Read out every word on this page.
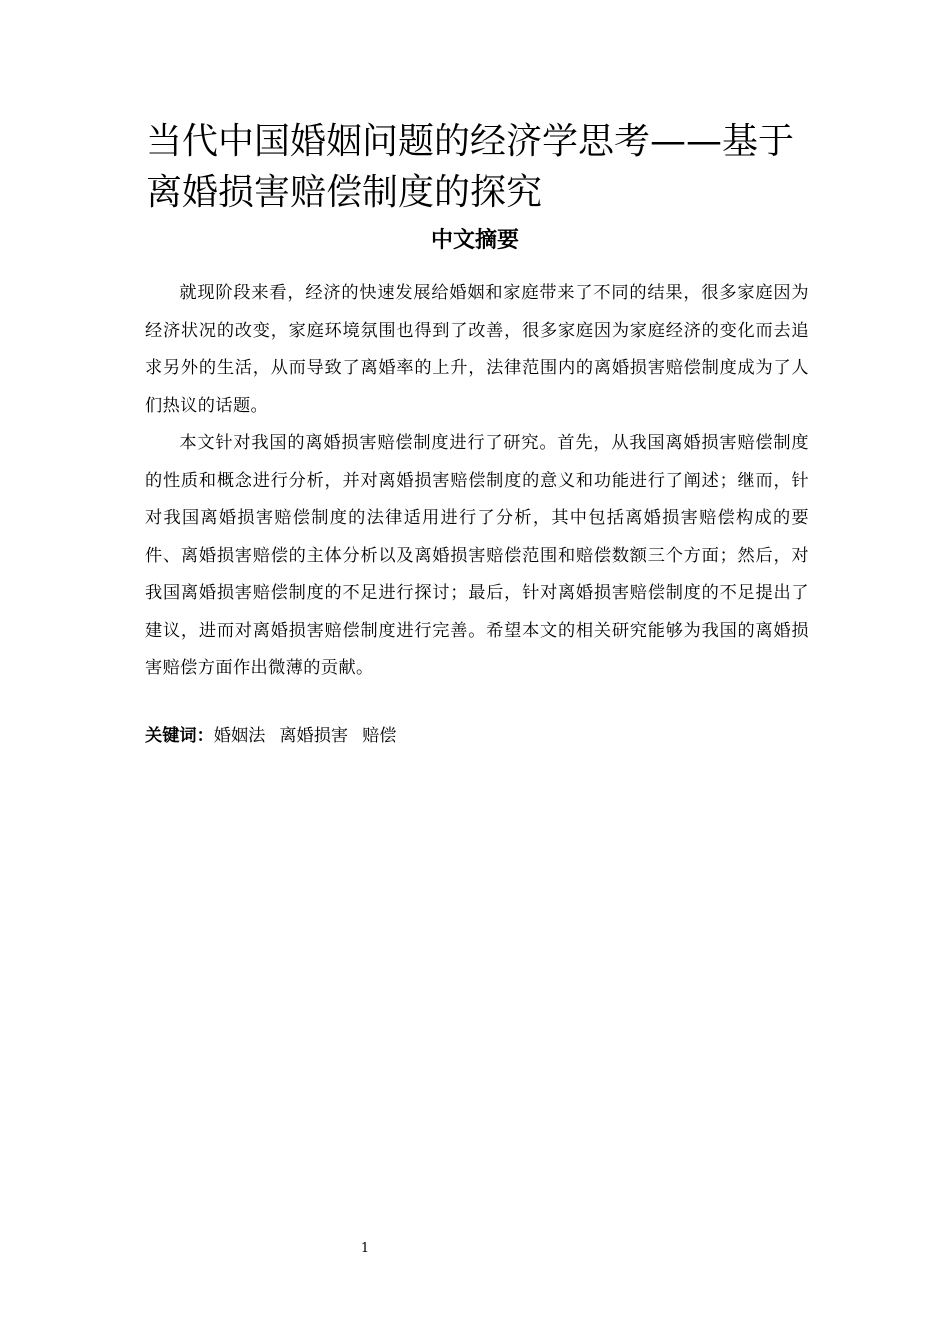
当代中国婚姻问题的经济学思考——基于离婚损害赔偿制度的探究
中文摘要

就现阶段来看，经济的快速发展给婚姻和家庭带来了不同的结果，很多家庭因为经济状况的改变，家庭环境氛围也得到了改善，很多家庭因为家庭经济的变化而去追求另外的生活，从而导致了离婚率的上升，法律范围内的离婚损害赔偿制度成为了人们热议的话题。

本文针对我国的离婚损害赔偿制度进行了研究。首先，从我国离婚损害赔偿制度的性质和概念进行分析，并对离婚损害赔偿制度的意义和功能进行了阐述；继而，针对我国离婚损害赔偿制度的法律适用进行了分析，其中包括离婚损害赔偿构成的要件、离婚损害赔偿的主体分析以及离婚损害赔偿范围和赔偿数额三个方面；然后，对我国离婚损害赔偿制度的不足进行探讨；最后，针对离婚损害赔偿制度的不足提出了建议，进而对离婚损害赔偿制度进行完善。希望本文的相关研究能够为我国的离婚损害赔偿方面作出微薄的贡献。

关键词：婚姻法 离婚损害 赔偿
1
